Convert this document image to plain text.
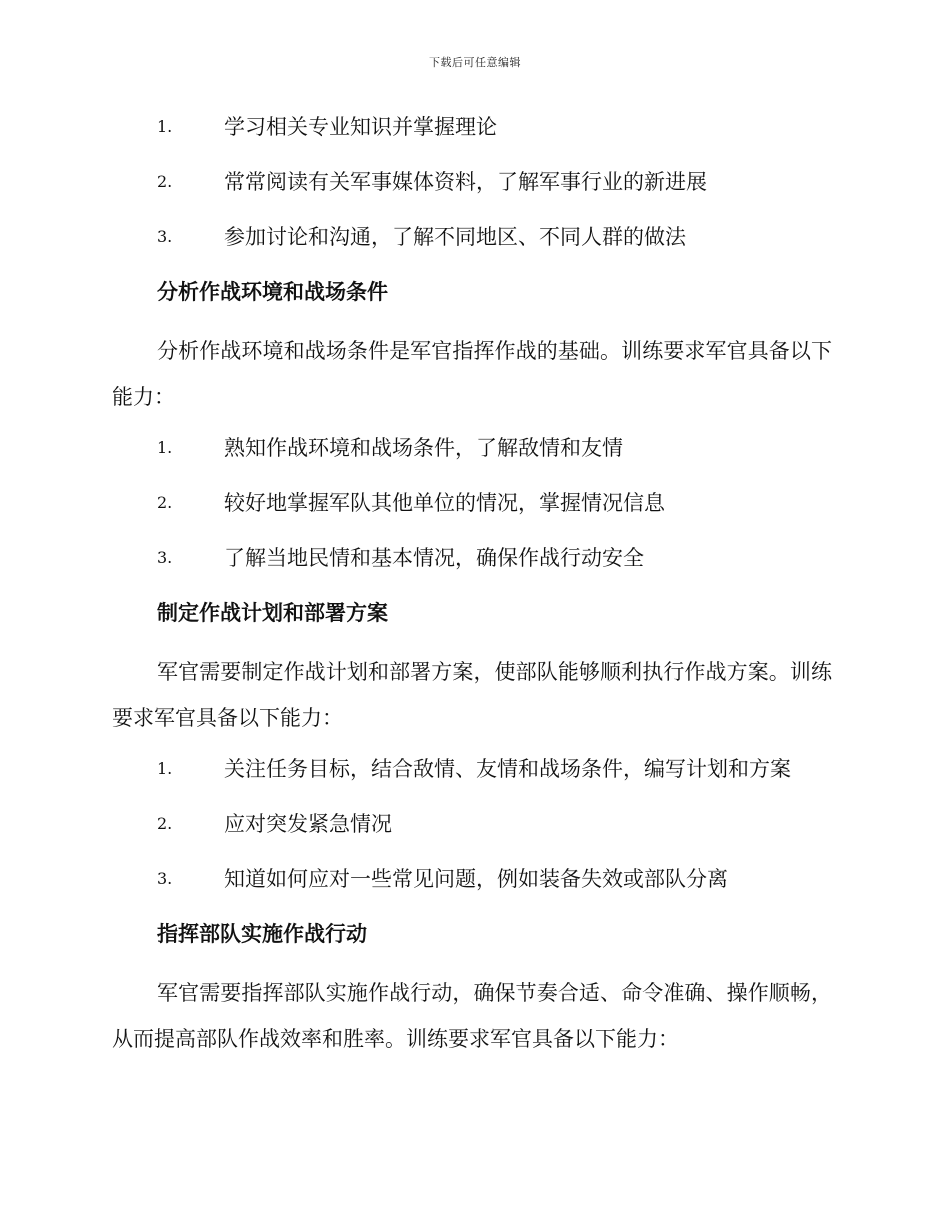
下载后可任意编辑
1. 学习相关专业知识并掌握理论
2. 常常阅读有关军事媒体资料，了解军事行业的新进展
3. 参加讨论和沟通，了解不同地区、不同人群的做法
分析作战环境和战场条件

分析作战环境和战场条件是军官指挥作战的基础。训练要求军官具备以下能力：

1. 熟知作战环境和战场条件，了解敌情和友情
2. 较好地掌握军队其他单位的情况，掌握情况信息
3. 了解当地民情和基本情况，确保作战行动安全
制定作战计划和部署方案

军官需要制定作战计划和部署方案，使部队能够顺利执行作战方案。训练要求军官具备以下能力：

1. 关注任务目标，结合敌情、友情和战场条件，编写计划和方案
2. 应对突发紧急情况
3. 知道如何应对一些常见问题，例如装备失效或部队分离
指挥部队实施作战行动

军官需要指挥部队实施作战行动，确保节奏合适、命令准确、操作顺畅，从而提高部队作战效率和胜率。训练要求军官具备以下能力：
